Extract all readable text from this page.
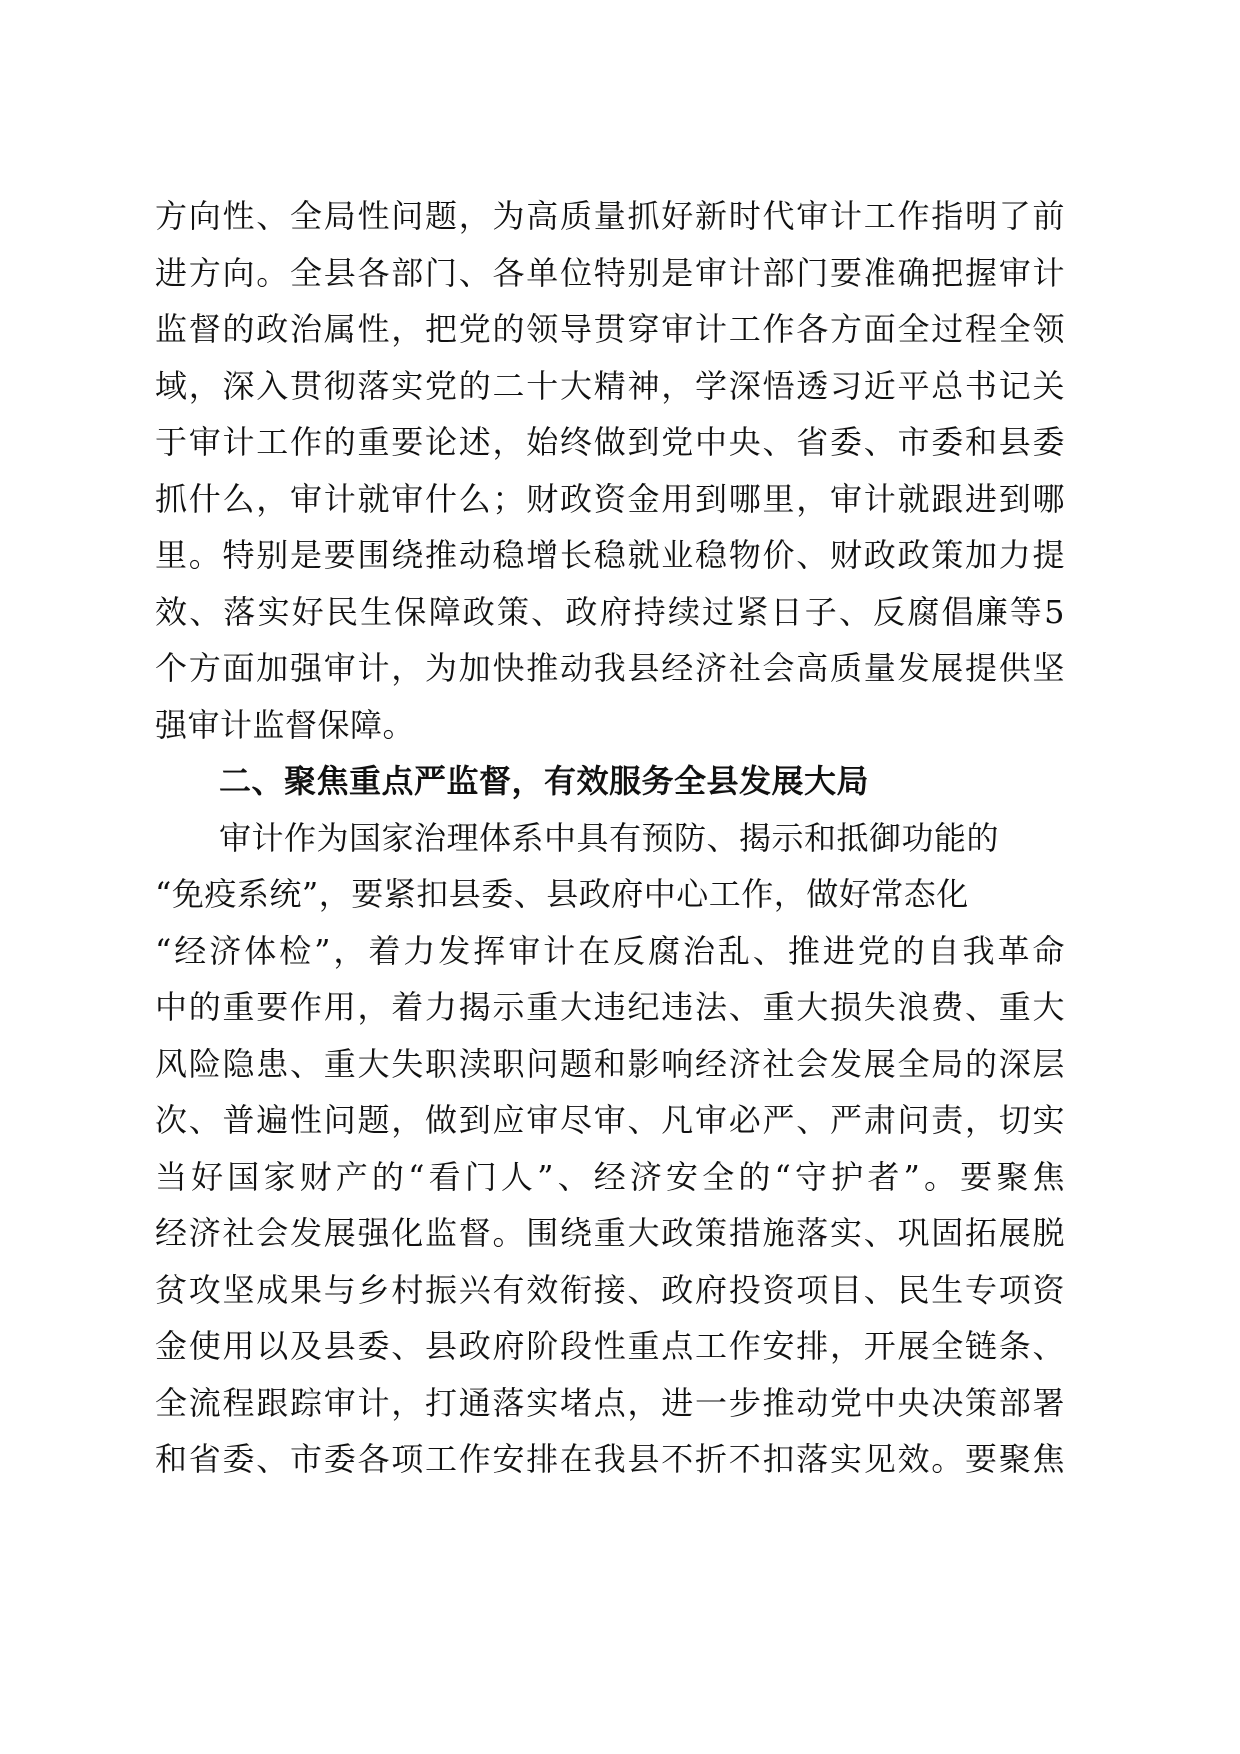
方向性、全局性问题，为高质量抓好新时代审计工作指明了前
进方向。全县各部门、各单位特别是审计部门要准确把握审计
监督的政治属性，把党的领导贯穿审计工作各方面全过程全领
域，深入贯彻落实党的二十大精神，学深悟透习近平总书记关
于审计工作的重要论述，始终做到党中央、省委、市委和县委
抓什么，审计就审什么；财政资金用到哪里，审计就跟进到哪
里。特别是要围绕推动稳增长稳就业稳物价、财政政策加力提
效、落实好民生保障政策、政府持续过紧日子、反腐倡廉等5
个方面加强审计，为加快推动我县经济社会高质量发展提供坚
强审计监督保障。
二、聚焦重点严监督，有效服务全县发展大局
审计作为国家治理体系中具有预防、揭示和抵御功能的
“免疫系统”，要紧扣县委、县政府中心工作，做好常态化
“经济体检”，着力发挥审计在反腐治乱、推进党的自我革命
中的重要作用，着力揭示重大违纪违法、重大损失浪费、重大
风险隐患、重大失职渎职问题和影响经济社会发展全局的深层
次、普遍性问题，做到应审尽审、凡审必严、严肃问责，切实
当好国家财产的“看门人”、经济安全的“守护者”。要聚焦
经济社会发展强化监督。围绕重大政策措施落实、巩固拓展脱
贫攻坚成果与乡村振兴有效衔接、政府投资项目、民生专项资
金使用以及县委、县政府阶段性重点工作安排，开展全链条、
全流程跟踪审计，打通落实堵点，进一步推动党中央决策部署
和省委、市委各项工作安排在我县不折不扣落实见效。要聚焦
